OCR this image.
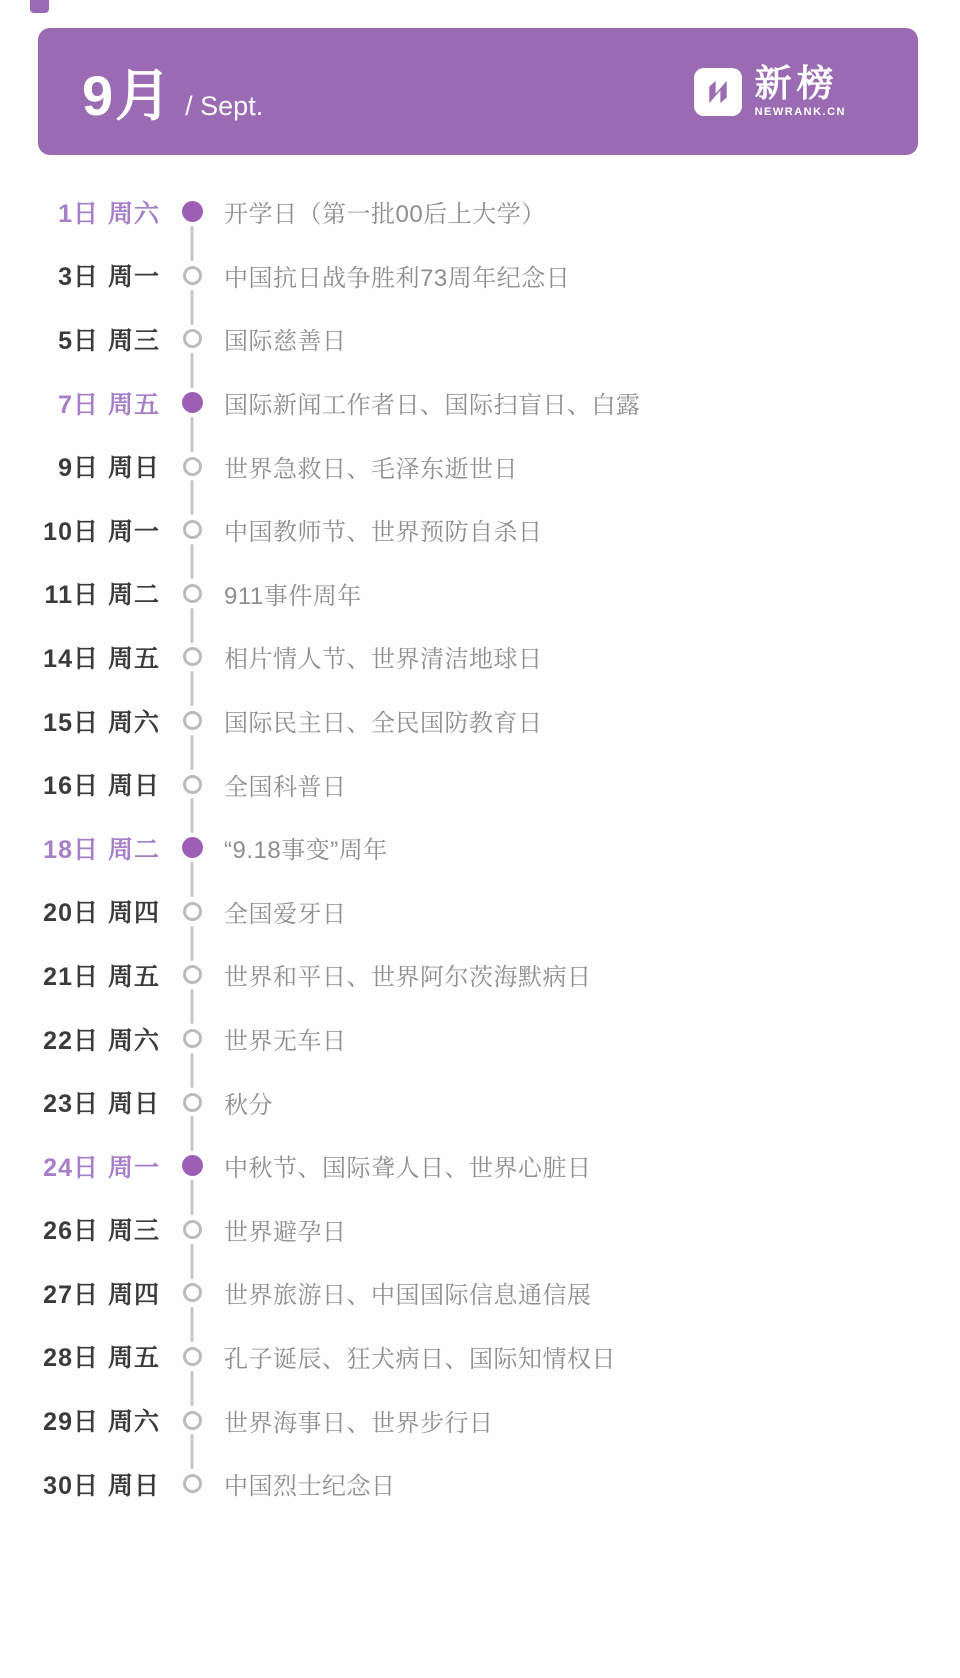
9月 / Sept.
新榜
NEWRANK.CN
1日 周六	开学日（第一批00后上大学）
3日 周一	中国抗日战争胜利73周年纪念日
5日 周三	国际慈善日
7日 周五	国际新闻工作者日、国际扫盲日、白露
9日 周日	世界急救日、毛泽东逝世日
10日 周一	中国教师节、世界预防自杀日
11日 周二	911事件周年
14日 周五	相片情人节、世界清洁地球日
15日 周六	国际民主日、全民国防教育日
16日 周日	全国科普日
18日 周二	“9.18事变”周年
20日 周四	全国爱牙日
21日 周五	世界和平日、世界阿尔茨海默病日
22日 周六	世界无车日
23日 周日	秋分
24日 周一	中秋节、国际聋人日、世界心脏日
26日 周三	世界避孕日
27日 周四	世界旅游日、中国国际信息通信展
28日 周五	孔子诞辰、狂犬病日、国际知情权日
29日 周六	世界海事日、世界步行日
30日 周日	中国烈士纪念日
